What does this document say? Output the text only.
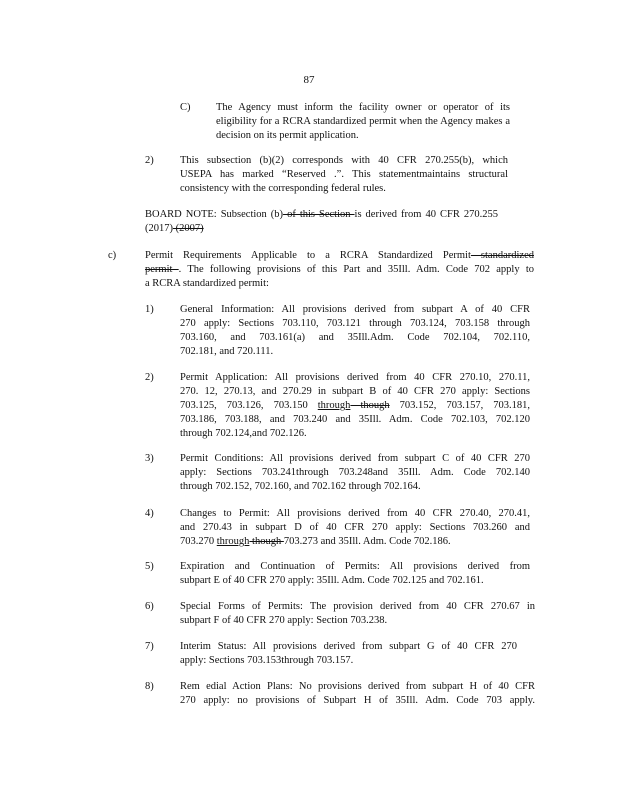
87
C) The Agency must inform the facility owner or operator of its eligibility for a RCRA standardized permit when the Agency makes a decision on its permit application.
2)	This subsection (b)(2) corresponds with 40 CFR 270.255(b), which
USEPA has marked “Reserved .”. This statementmaintains structural
consistency with the corresponding federal rules.
BOARD NOTE: Subsection (b) of this Section is derived from 40 CFR 270.255
(2017) (2007)
c)	Permit Requirements Applicable to a RCRA Standardized Permit standardized
permit . The following provisions of this Part and 35Ill. Adm. Code 702 apply to
a RCRA standardized permit:
1)	General Information: All provisions derived from subpart A of 40 CFR
270 apply: Sections 703.110, 703.121 through 703.124, 703.158 through
703.160, and 703.161(a) and 35Ill.Adm. Code 702.104, 702.110,
702.181, and 720.111.
2)	Permit Application: All provisions derived from 40 CFR 270.10, 270.11,
270. 12, 270.13, and 270.29 in subpart B of 40 CFR 270 apply: Sections
703.125, 703.126, 703.150 through though 703.152, 703.157, 703.181,
703.186, 703.188, and 703.240 and 35Ill. Adm. Code 702.103, 702.120
through 702.124,and 702.126.
3)	Permit Conditions: All provisions derived from subpart C of 40 CFR 270
apply: Sections 703.241through 703.248and 35Ill. Adm. Code 702.140
through 702.152, 702.160, and 702.162 through 702.164.
4)	Changes to Permit: All provisions derived from 40 CFR 270.40, 270.41,
and 270.43 in subpart D of 40 CFR 270 apply: Sections 703.260 and
703.270 through though 703.273 and 35Ill. Adm. Code 702.186.
5)	Expiration and Continuation of Permits: All provisions derived from
subpart E of 40 CFR 270 apply: 35Ill. Adm. Code 702.125 and 702.161.
6)	Special Forms of Permits: The provision derived from 40 CFR 270.67 in
subpart F of 40 CFR 270 apply: Section 703.238.
7)	Interim Status: All provisions derived from subpart G of 40 CFR 270
apply: Sections 703.153through 703.157.
8)	Rem edial Action Plans: No provisions derived from subpart H of 40 CFR
270 apply: no provisions of Subpart H of 35Ill. Adm. Code 703 apply.
